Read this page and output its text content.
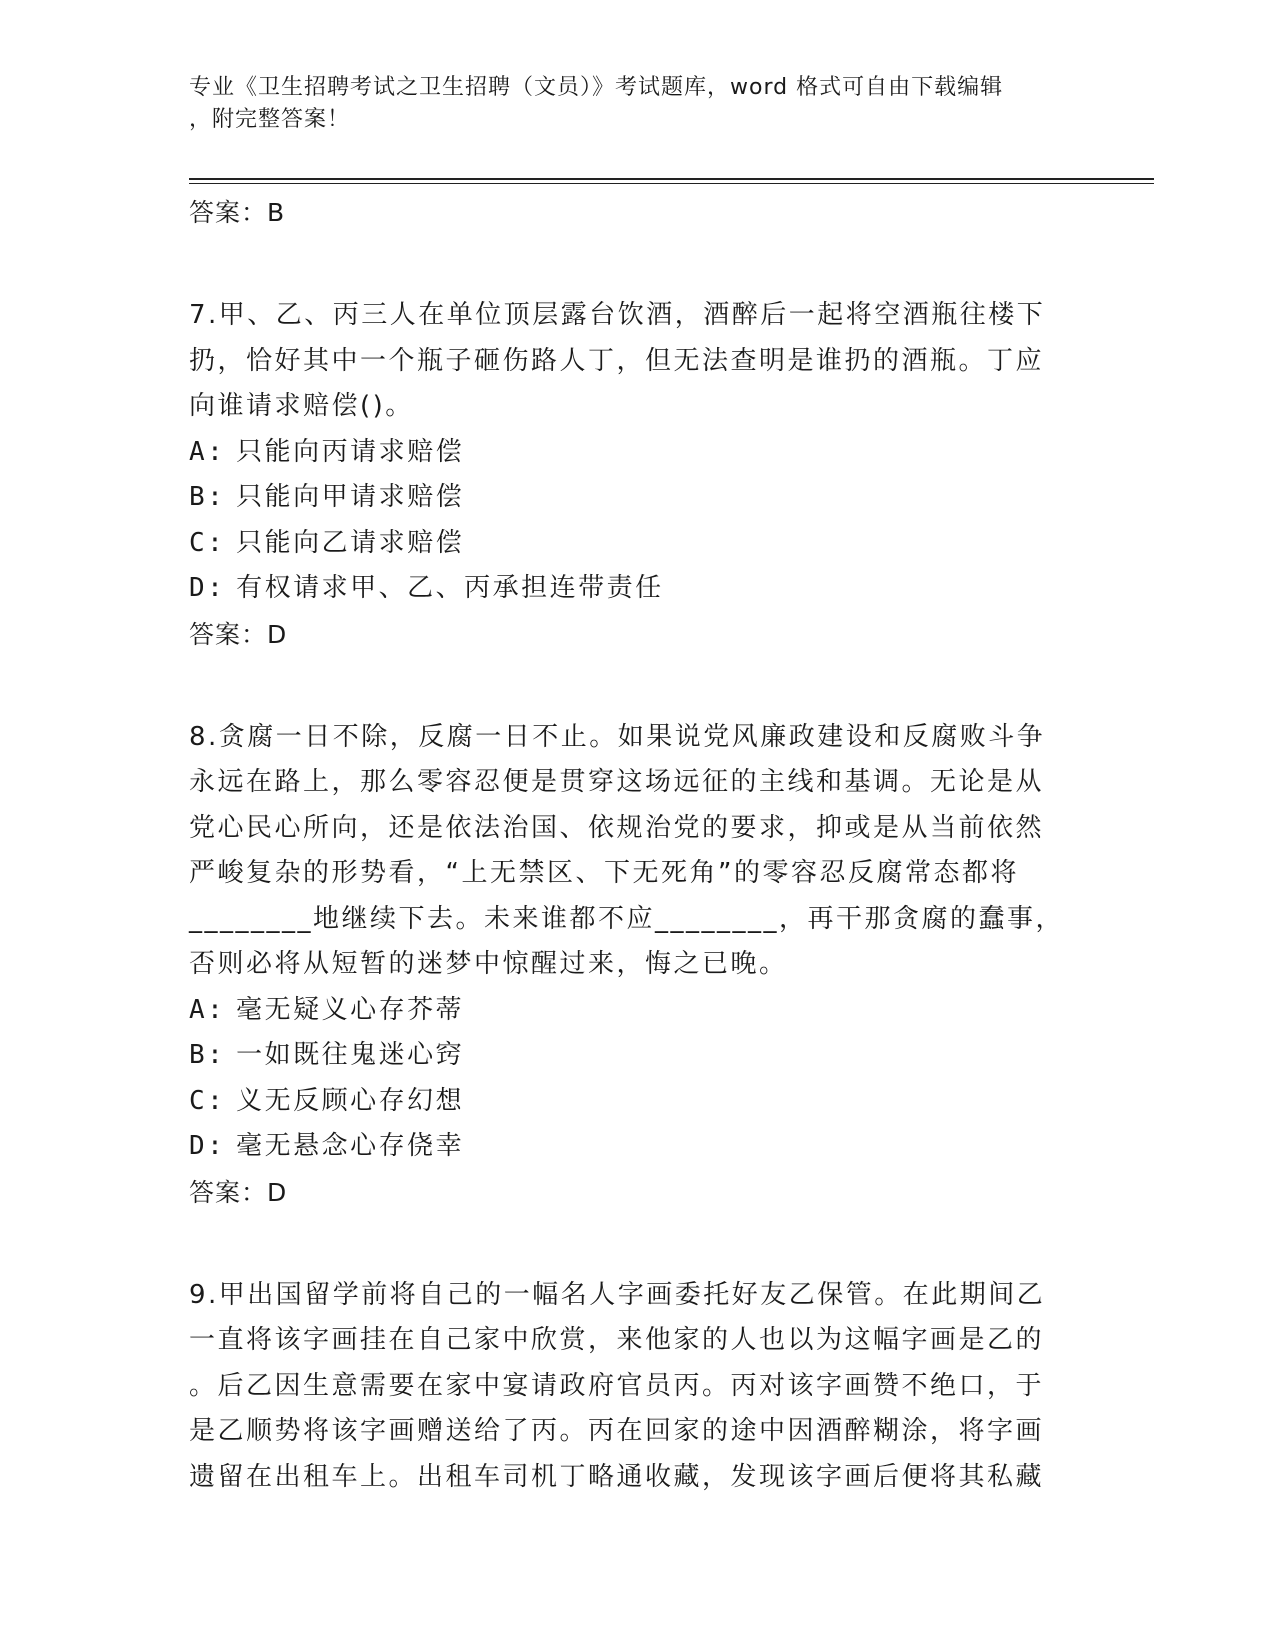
专业《卫生招聘考试之卫生招聘（文员）》考试题库，word 格式可自由下载编辑
，附完整答案！
答案：B
7.甲、乙、丙三人在单位顶层露台饮酒，酒醉后一起将空酒瓶往楼下
扔，恰好其中一个瓶子砸伤路人丁，但无法查明是谁扔的酒瓶。丁应
向谁请求赔偿()。
A: 只能向丙请求赔偿
B: 只能向甲请求赔偿
C: 只能向乙请求赔偿
D: 有权请求甲、乙、丙承担连带责任
答案：D
8.贪腐一日不除，反腐一日不止。如果说党风廉政建设和反腐败斗争
永远在路上，那么零容忍便是贯穿这场远征的主线和基调。无论是从
党心民心所向，还是依法治国、依规治党的要求，抑或是从当前依然
严峻复杂的形势看，“上无禁区、下无死角”的零容忍反腐常态都将
________地继续下去。未来谁都不应________，再干那贪腐的蠢事，
否则必将从短暂的迷梦中惊醒过来，悔之已晚。
A: 毫无疑义心存芥蒂
B: 一如既往鬼迷心窍
C: 义无反顾心存幻想
D: 毫无悬念心存侥幸
答案：D
9.甲出国留学前将自己的一幅名人字画委托好友乙保管。在此期间乙
一直将该字画挂在自己家中欣赏，来他家的人也以为这幅字画是乙的
。后乙因生意需要在家中宴请政府官员丙。丙对该字画赞不绝口，于
是乙顺势将该字画赠送给了丙。丙在回家的途中因酒醉糊涂，将字画
遗留在出租车上。出租车司机丁略通收藏，发现该字画后便将其私藏
